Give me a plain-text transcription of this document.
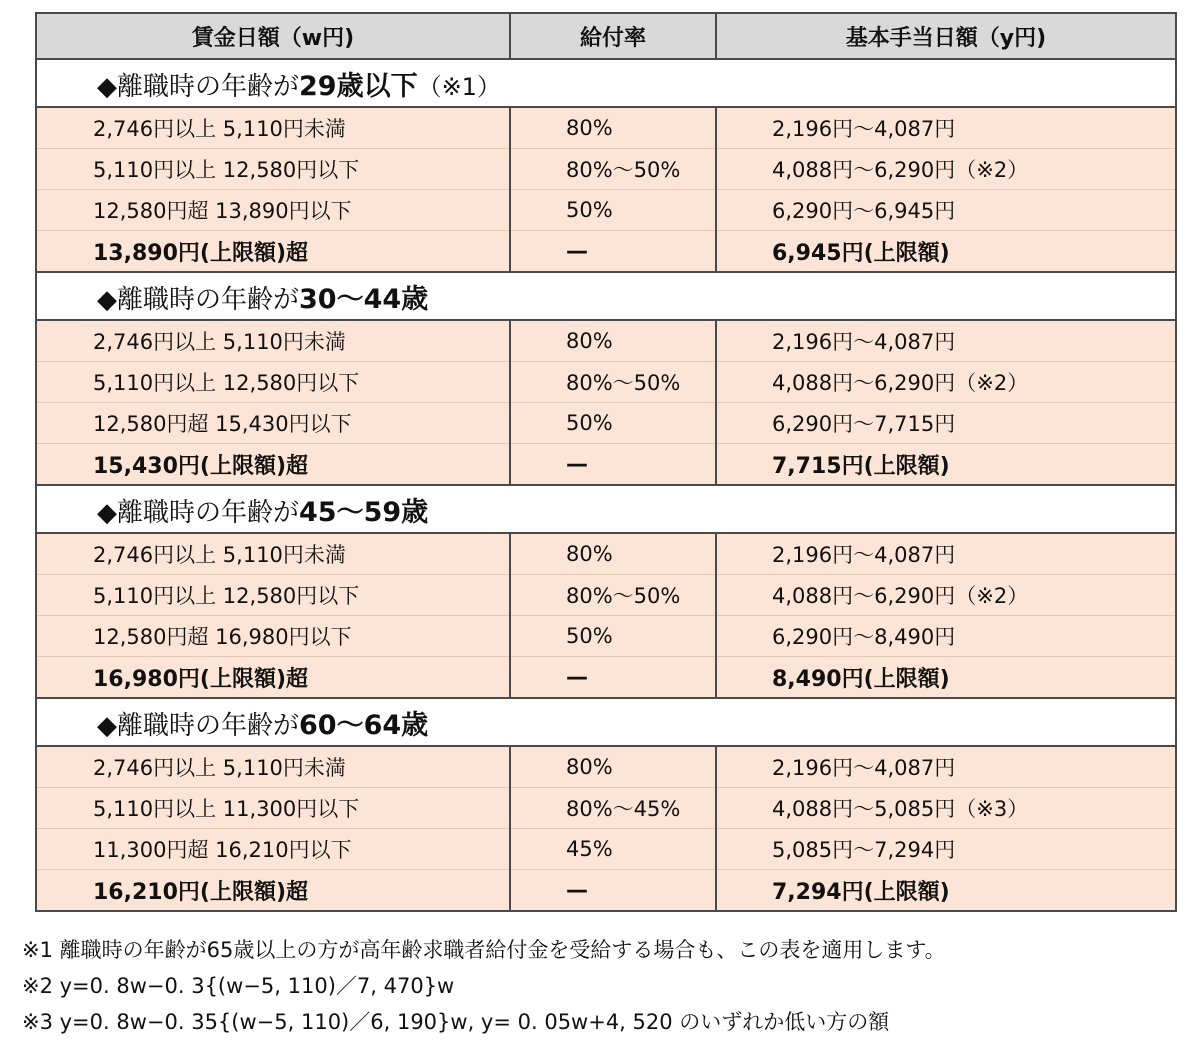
賃金日額（w円)	給付率	基本手当日額（y円)
◆離職時の年齢が29歳以下（※1）		
2,746円以上 5,110円未満	80%	2,196円～4,087円
5,110円以上 12,580円以下	80%～50%	4,088円～6,290円（※2）
12,580円超 13,890円以下	50%	6,290円～6,945円
13,890円(上限額)超	—	6,945円(上限額)
◆離職時の年齢が30～44歳		
2,746円以上 5,110円未満	80%	2,196円～4,087円
5,110円以上 12,580円以下	80%～50%	4,088円～6,290円（※2）
12,580円超 15,430円以下	50%	6,290円～7,715円
15,430円(上限額)超	—	7,715円(上限額)
◆離職時の年齢が45～59歳		
2,746円以上 5,110円未満	80%	2,196円～4,087円
5,110円以上 12,580円以下	80%～50%	4,088円～6,290円（※2）
12,580円超 16,980円以下	50%	6,290円～8,490円
16,980円(上限額)超	—	8,490円(上限額)
◆離職時の年齢が60～64歳		
2,746円以上 5,110円未満	80%	2,196円～4,087円
5,110円以上 11,300円以下	80%～45%	4,088円～5,085円（※3）
11,300円超 16,210円以下	45%	5,085円～7,294円
16,210円(上限額)超	—	7,294円(上限額)
※1 離職時の年齢が65歳以上の方が高年齢求職者給付金を受給する場合も、この表を適用します。
※2 y=0. 8w−0. 3{(w−5, 110)／7, 470}w
※3 y=0. 8w−0. 35{(w−5, 110)／6, 190}w, y= 0. 05w+4, 520 のいずれか低い方の額
